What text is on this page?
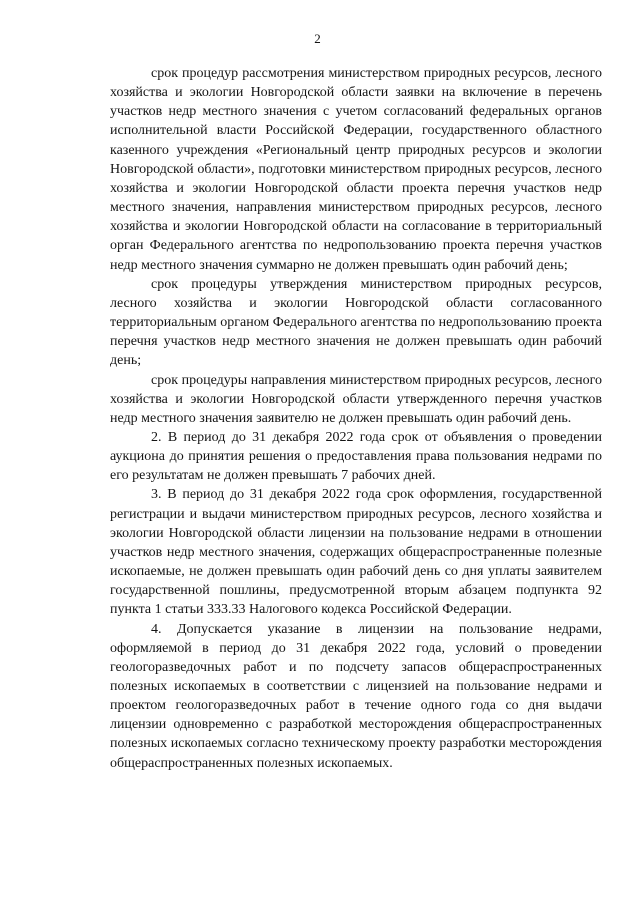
2

срок процедур рассмотрения министерством природных ресурсов, лесного хозяйства и экологии Новгородской области заявки на включение в перечень участков недр местного значения с учетом согласований федеральных органов исполнительной власти Российской Федерации, государственного областного казенного учреждения «Региональный центр природных ресурсов и экологии Новгородской области», подготовки министерством природных ресурсов, лесного хозяйства и экологии Новгородской области проекта перечня участков недр местного значения, направления министерством природных ресурсов, лесного хозяйства и экологии Новгородской области на согласование в территориальный орган Федерального агентства по недропользованию проекта перечня участков недр местного значения суммарно не должен превышать один рабочий день;

срок процедуры утверждения министерством природных ресурсов, лесного хозяйства и экологии Новгородской области согласованного территориальным органом Федерального агентства по недропользованию проекта перечня участков недр местного значения не должен превышать один рабочий день;

срок процедуры направления министерством природных ресурсов, лесного хозяйства и экологии Новгородской области утвержденного перечня участков недр местного значения заявителю не должен превышать один рабочий день.

2. В период до 31 декабря 2022 года срок от объявления о проведении аукциона до принятия решения о предоставления права пользования недрами по его результатам не должен превышать 7 рабочих дней.

3. В период до 31 декабря 2022 года срок оформления, государственной регистрации и выдачи министерством природных ресурсов, лесного хозяйства и экологии Новгородской области лицензии на пользование недрами в отношении участков недр местного значения, содержащих общераспространенные полезные ископаемые, не должен превышать один рабочий день со дня уплаты заявителем государственной пошлины, предусмотренной вторым абзацем подпункта 92 пункта 1 статьи 333.33 Налогового кодекса Российской Федерации.

4. Допускается указание в лицензии на пользование недрами, оформляемой в период до 31 декабря 2022 года, условий о проведении геологоразведочных работ и по подсчету запасов общераспространенных полезных ископаемых в соответствии с лицензией на пользование недрами и проектом геологоразведочных работ в течение одного года со дня выдачи лицензии одновременно с разработкой месторождения общераспространенных полезных ископаемых согласно техническому проекту разработки месторождения общераспространенных полезных ископаемых.
